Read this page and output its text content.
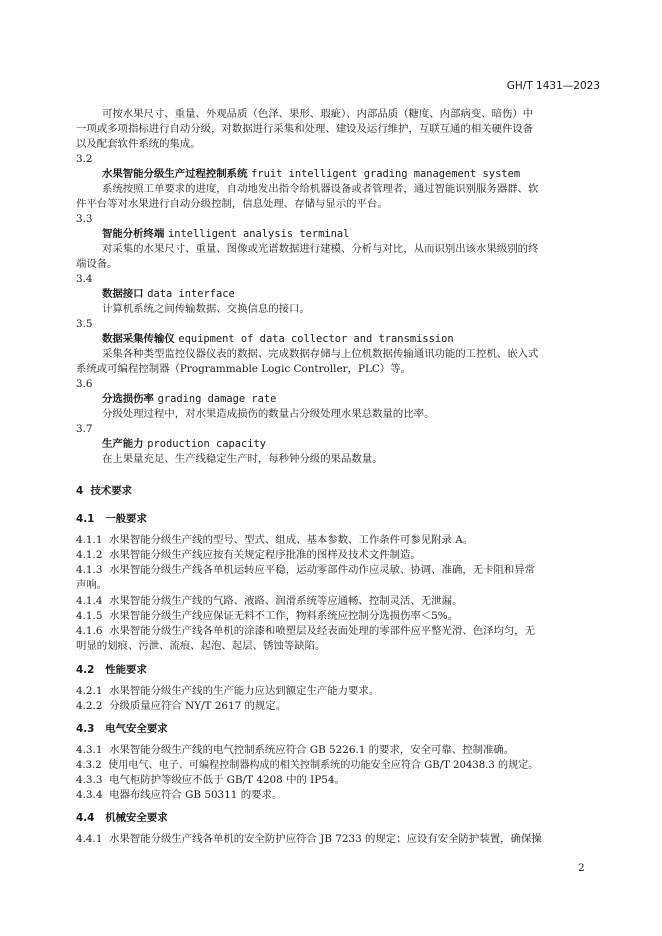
GH/T 1431—2023
可按水果尺寸、重量、外观品质（色泽、果形、瑕疵）、内部品质（糖度、内部病变、暗伤）中
一项或多项指标进行自动分级，对数据进行采集和处理、建设及运行维护，互联互通的相关硬件设备
以及配套软件系统的集成。
3.2
水果智能分级生产过程控制系统 fruit intelligent grading management system
系统按照工单要求的进度，自动地发出指令给机器设备或者管理者，通过智能识别服务器群、软
件平台等对水果进行自动分级控制，信息处理、存储与显示的平台。
3.3
智能分析终端 intelligent analysis terminal
对采集的水果尺寸、重量、图像或光谱数据进行建模、分析与对比，从而识别出该水果级别的终
端设备。
3.4
数据接口 data interface
计算机系统之间传输数据、交换信息的接口。
3.5
数据采集传输仪 equipment of data collector and transmission
采集各种类型监控仪器仪表的数据、完成数据存储与上位机数据传输通讯功能的工控机、嵌入式
系统或可编程控制器（Programmable Logic Controller，PLC）等。
3.6
分选损伤率 grading damage rate
分级处理过程中，对水果造成损伤的数量占分级处理水果总数量的比率。
3.7
生产能力 production capacity
在上果量充足、生产线稳定生产时，每秒钟分级的果品数量。
4 技术要求
4.1 一般要求
4.1.1 水果智能分级生产线的型号、型式、组成、基本参数、工作条件可参见附录 A。
4.1.2 水果智能分级生产线应按有关规定程序批准的图样及技术文件制造。
4.1.3 水果智能分级生产线各单机运转应平稳，运动零部件动作应灵敏、协调、准确，无卡阻和异常
声响。
4.1.4 水果智能分级生产线的气路、液路、润滑系统等应通畅、控制灵活、无泄漏。
4.1.5 水果智能分级生产线应保证无料不工作，物料系统应控制分选损伤率＜5%。
4.1.6 水果智能分级生产线各单机的涂漆和喷塑层及经表面处理的零部件应平整光滑、色泽均匀，无
明显的划痕、污泄、流痕、起泡、起层、锈蚀等缺陷。
4.2 性能要求
4.2.1 水果智能分级生产线的生产能力应达到额定生产能力要求。
4.2.2 分级质量应符合 NY/T 2617 的规定。
4.3 电气安全要求
4.3.1 水果智能分级生产线的电气控制系统应符合 GB 5226.1 的要求，安全可靠、控制准确。
4.3.2 使用电气、电子、可编程控制器构成的相关控制系统的功能安全应符合 GB/T 20438.3 的规定。
4.3.3 电气柜防护等级应不低于 GB/T 4208 中的 IP54。
4.3.4 电器布线应符合 GB 50311 的要求。
4.4 机械安全要求
4.4.1 水果智能分级生产线各单机的安全防护应符合 JB 7233 的规定；应设有安全防护装置，确保操
2
